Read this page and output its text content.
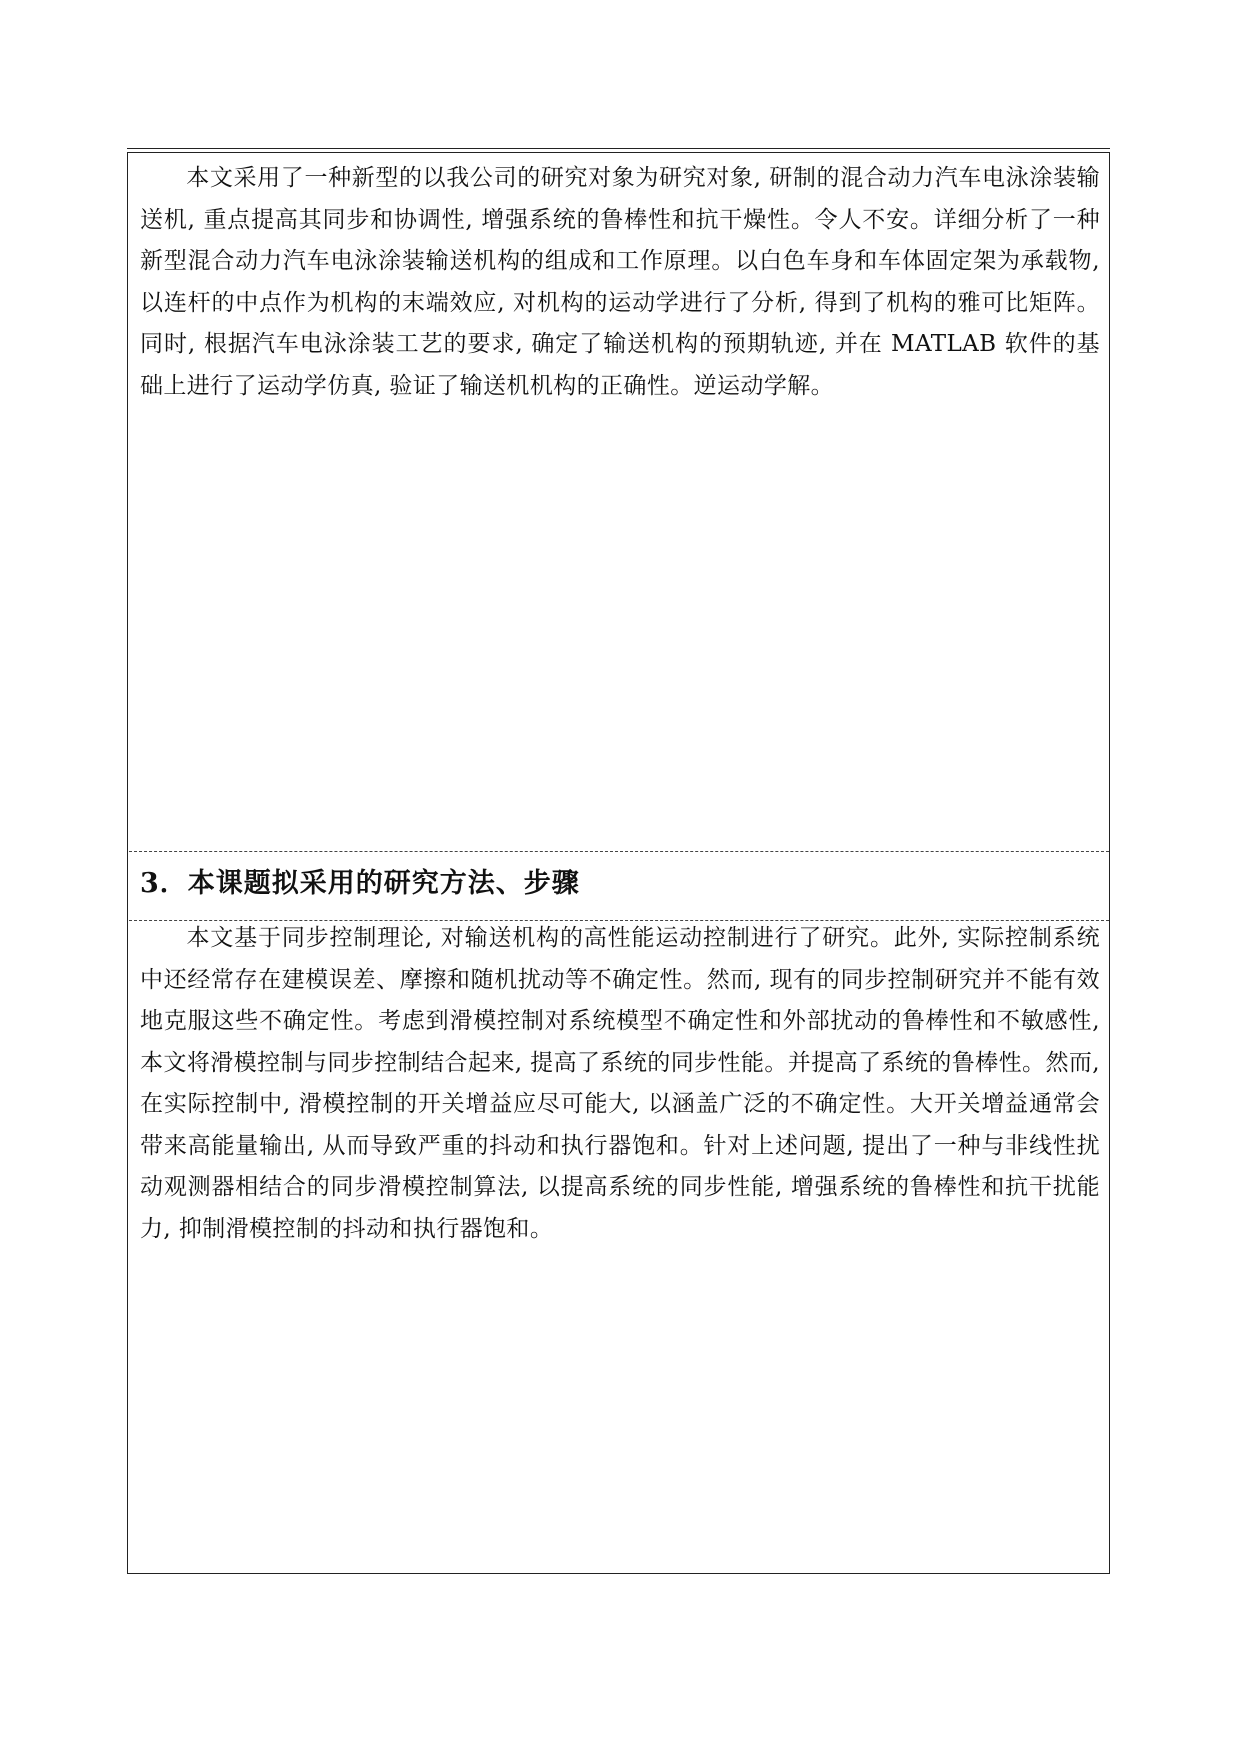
本文采用了一种新型的以我公司的研究对象为研究对象, 研制的混合动力汽车电泳涂装输送机, 重点提高其同步和协调性, 增强系统的鲁棒性和抗干燥性。令人不安。详细分析了一种新型混合动力汽车电泳涂装输送机构的组成和工作原理。以白色车身和车体固定架为承载物, 以连杆的中点作为机构的末端效应, 对机构的运动学进行了分析, 得到了机构的雅可比矩阵。同时, 根据汽车电泳涂装工艺的要求, 确定了输送机构的预期轨迹, 并在 MATLAB 软件的基础上进行了运动学仿真, 验证了输送机机构的正确性。逆运动学解。

3．本课题拟采用的研究方法、步骤

本文基于同步控制理论, 对输送机构的高性能运动控制进行了研究。此外, 实际控制系统中还经常存在建模误差、摩擦和随机扰动等不确定性。然而, 现有的同步控制研究并不能有效地克服这些不确定性。考虑到滑模控制对系统模型不确定性和外部扰动的鲁棒性和不敏感性, 本文将滑模控制与同步控制结合起来, 提高了系统的同步性能。并提高了系统的鲁棒性。然而, 在实际控制中, 滑模控制的开关增益应尽可能大, 以涵盖广泛的不确定性。大开关增益通常会带来高能量输出, 从而导致严重的抖动和执行器饱和。针对上述问题, 提出了一种与非线性扰动观测器相结合的同步滑模控制算法, 以提高系统的同步性能, 增强系统的鲁棒性和抗干扰能力, 抑制滑模控制的抖动和执行器饱和。
